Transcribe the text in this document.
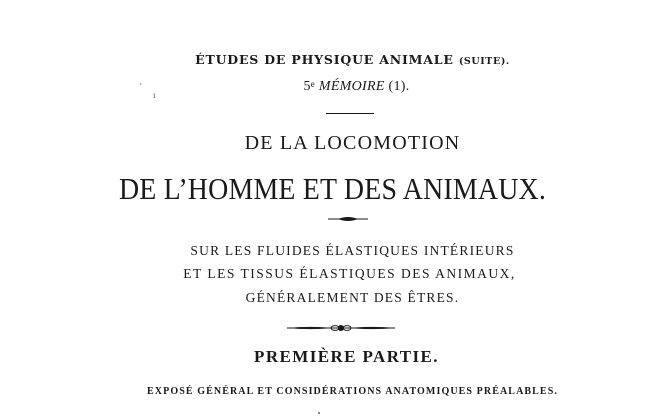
ÉTUDES DE PHYSIQUE ANIMALE (SUITE).
`
ı
5e MÉMOIRE (1).
DE LA LOCOMOTION
DE L’HOMME ET DES ANIMAUX.
SUR LES FLUIDES ÉLASTIQUES INTÉRIEURS
ET LES TISSUS ÉLASTIQUES DES ANIMAUX,
GÉNÉRALEMENT DES ÊTRES.
PREMIÈRE PARTIE.
EXPOSÉ GÉNÉRAL ET CONSIDÉRATIONS ANATOMIQUES PRÉALABLES.
